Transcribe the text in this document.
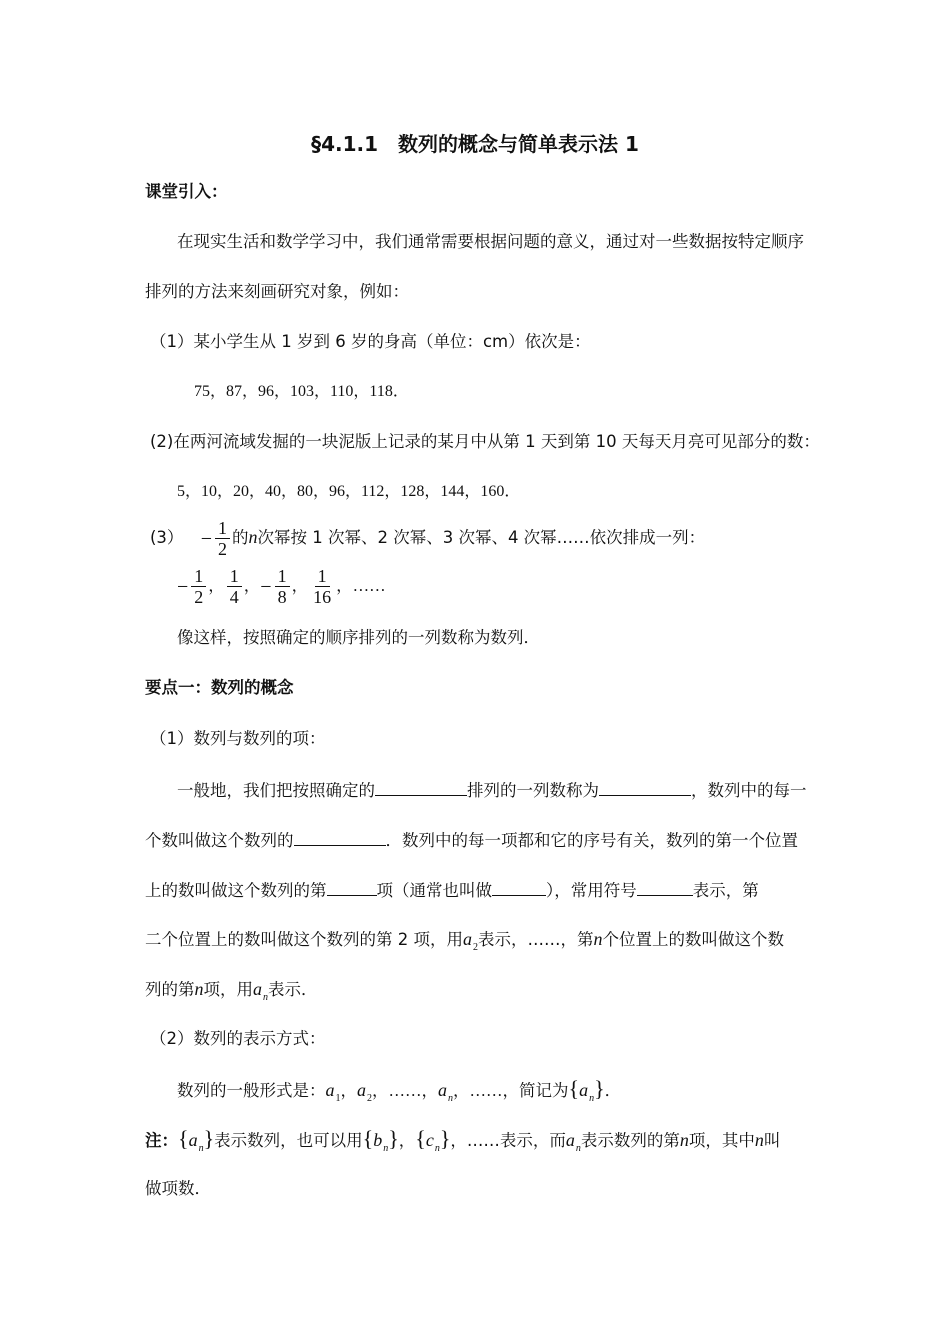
§4.1.1　数列的概念与简单表示法 1
课堂引入：
在现实生活和数学学习中，我们通常需要根据问题的意义，通过对一些数据按特定顺序
排列的方法来刻画研究对象，例如：
（1）某小学生从 1 岁到 6 岁的身高（单位：cm）依次是：
75，87，96，103，110，118．
(2)在两河流域发掘的一块泥版上记录的某月中从第 1 天到第 10 天每天月亮可见部分的数：
5，10，20，40，80，96，112，128，144，160．
$(3) - \frac{1}{2}$ 的n次幂按 1 次幂、2 次幂、3 次幂、4 次幂……依次排成一列：
− $\frac{1}{2}$ ， $\frac{1}{4}$ ，− $\frac{1}{8}$ ， $\frac{1}{16}$ ，……
像这样，按照确定的顺序排列的一列数称为数列．
要点一：数列的概念
（1）数列与数列的项：
一般地，我们把按照确定的	排列的一列数称为	，数列中的每一
个数叫做这个数列的	．数列中的每一项都和它的序号有关，数列的第一个位置
上的数叫做这个数列的第	项（通常也叫做	），常用符号	表示，第
二个位置上的数叫做这个数列的第 2 项，用$a_2$表示，……，第n个位置上的数叫做这个数
列的第n项，用$a_n$表示．
（2）数列的表示方式：
数列的一般形式是：$a_1$，$a_2$，……，$a_n$，……，简记为$\{a_n\}$．
注：$\{a_n\}$表示数列，也可以用$\{b_n\}$，$\{c_n\}$，……表示，而$a_n$表示数列的第n项，其中n叫
做项数．
